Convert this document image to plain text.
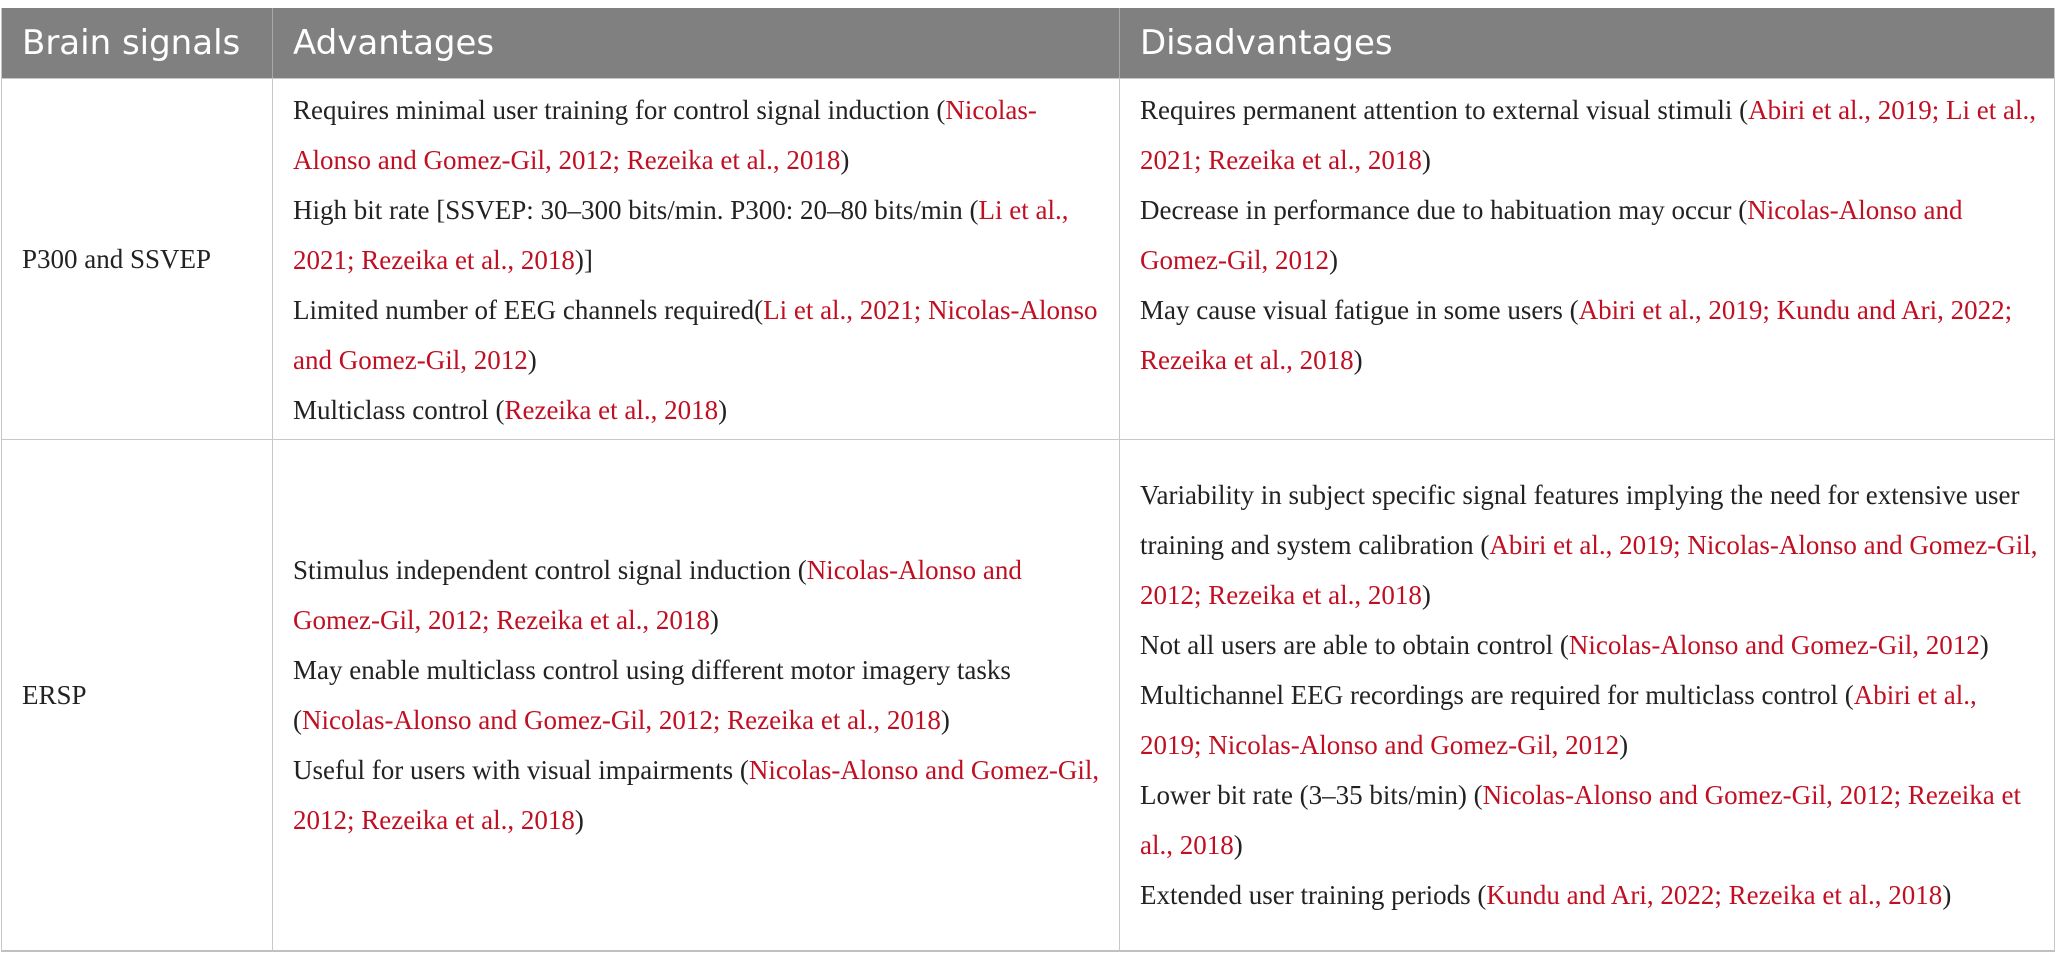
Brain signals	Advantages	Disadvantages
P300 and SSVEP

Requires minimal user training for control signal induction (Nicolas-Alonso and Gomez-Gil, 2012; Rezeika et al., 2018)

High bit rate [SSVEP: 30–300 bits/min. P300: 20–80 bits/min (Li et al., 2021; Rezeika et al., 2018)]

Limited number of EEG channels required(Li et al., 2021; Nicolas-Alonso and Gomez-Gil, 2012)

Multiclass control (Rezeika et al., 2018)

Requires permanent attention to external visual stimuli (Abiri et al., 2019; Li et al., 2021; Rezeika et al., 2018)

Decrease in performance due to habituation may occur (Nicolas-Alonso and Gomez-Gil, 2012)

May cause visual fatigue in some users (Abiri et al., 2019; Kundu and Ari, 2022; Rezeika et al., 2018)

ERSP

Stimulus independent control signal induction (Nicolas-Alonso and Gomez-Gil, 2012; Rezeika et al., 2018)

May enable multiclass control using different motor imagery tasks (Nicolas-Alonso and Gomez-Gil, 2012; Rezeika et al., 2018)

Useful for users with visual impairments (Nicolas-Alonso and Gomez-Gil, 2012; Rezeika et al., 2018)

Variability in subject specific signal features implying the need for extensive user training and system calibration (Abiri et al., 2019; Nicolas-Alonso and Gomez-Gil, 2012; Rezeika et al., 2018)

Not all users are able to obtain control (Nicolas-Alonso and Gomez-Gil, 2012)

Multichannel EEG recordings are required for multiclass control (Abiri et al., 2019; Nicolas-Alonso and Gomez-Gil, 2012)

Lower bit rate (3–35 bits/min) (Nicolas-Alonso and Gomez-Gil, 2012; Rezeika et al., 2018)

Extended user training periods (Kundu and Ari, 2022; Rezeika et al., 2018)
